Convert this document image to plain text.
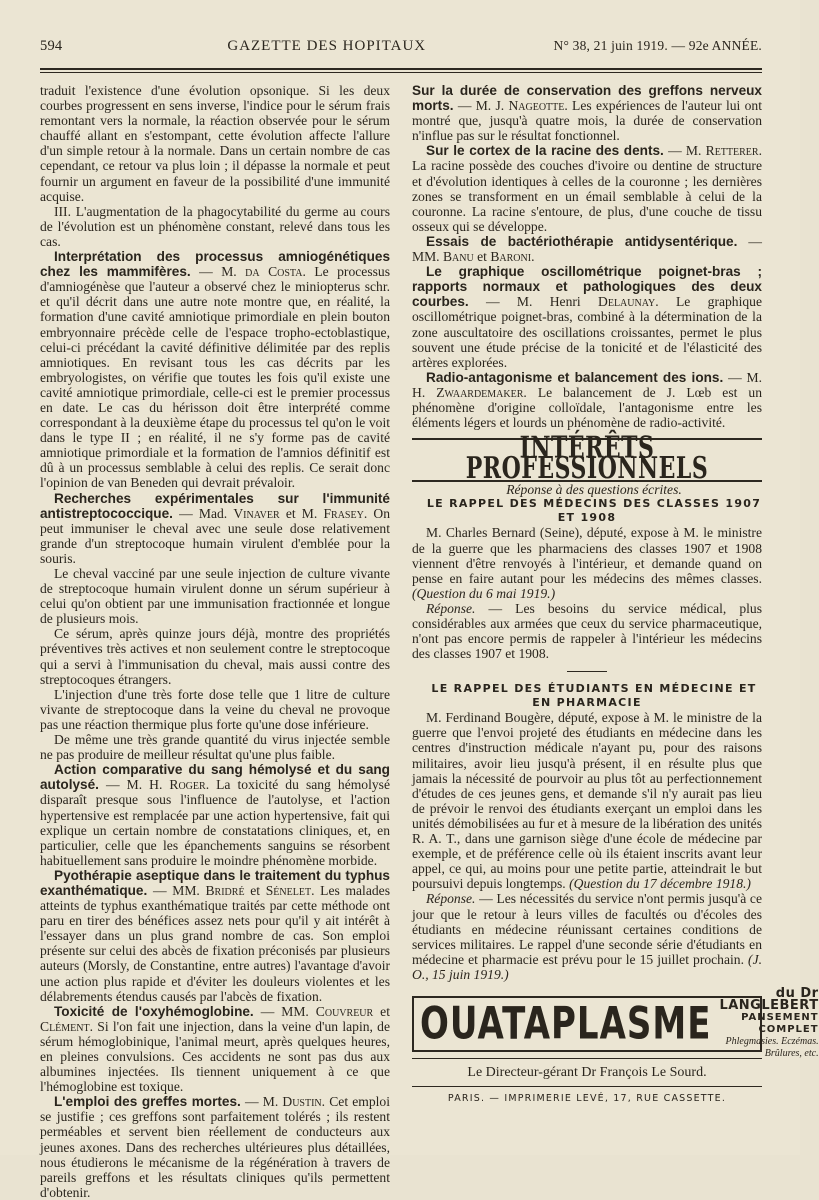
594	GAZETTE DES HOPITAUX	N° 38, 21 juin 1919. — 92e ANNÉE.

traduit l'existence d'une évolution opsonique. Si les deux courbes progressent en sens inverse, l'indice pour le sérum frais remontant vers la normale, la réaction observée pour le sérum chauffé allant en s'estompant, cette évolution affecte l'allure d'un simple retour à la normale. Dans un certain nombre de cas cependant, ce retour va plus loin ; il dépasse la normale et peut fournir un argument en faveur de la possibilité d'une immunité acquise.

III. L'augmentation de la phagocytabilité du germe au cours de l'évolution est un phénomène constant, relevé dans tous les cas.

Interprétation des processus amniogénétiques chez les mammifères. — M. da Costa. Le processus d'amniogénèse que l'auteur a observé chez le miniopterus schr. et qu'il décrit dans une autre note montre que, en réalité, la formation d'une cavité amniotique primordiale en plein bouton embryonnaire précède celle de l'espace tropho-ectoblastique, celui-ci précédant la cavité définitive délimitée par des replis amniotiques. En revisant tous les cas décrits par les embryologistes, on vérifie que toutes les fois qu'il existe une cavité amniotique primordiale, celle-ci est le premier processus en date. Le cas du hérisson doit être interprété comme correspondant à la deuxième étape du processus tel qu'on le voit dans le type II ; en réalité, il ne s'y forme pas de cavité amniotique primordiale et la formation de l'amnios définitif est dû à un processus semblable à celui des replis. Ce serait donc l'opinion de van Beneden qui devrait prévaloir.

Recherches expérimentales sur l'immunité antistreptococcique. — Mad. Vinaver et M. Frasey. On peut immuniser le cheval avec une seule dose relativement grande d'un streptocoque humain virulent d'emblée pour la souris.

Le cheval vacciné par une seule injection de culture vivante de streptocoque humain virulent donne un sérum supérieur à celui qu'on obtient par une immunisation fractionnée et longue de plusieurs mois.

Ce sérum, après quinze jours déjà, montre des propriétés préventives très actives et non seulement contre le streptocoque qui a servi à l'immunisation du cheval, mais aussi contre des streptocoques étrangers.

L'injection d'une très forte dose telle que 1 litre de culture vivante de streptocoque dans la veine du cheval ne provoque pas une réaction thermique plus forte qu'une dose inférieure.

De même une très grande quantité du virus injectée semble ne pas produire de meilleur résultat qu'une plus faible.

Action comparative du sang hémolysé et du sang autolysé. — M. H. Roger. La toxicité du sang hémolysé disparaît presque sous l'influence de l'autolyse, et l'action hypertensive est remplacée par une action hypertensive, fait qui explique un certain nombre de constatations cliniques, et, en particulier, celle que les épanchements sanguins se résorbent habituellement sans produire le moindre phénomène morbide.

Pyothérapie aseptique dans le traitement du typhus exanthématique. — MM. Bridré et Sénelet. Les malades atteints de typhus exanthématique traités par cette méthode ont paru en tirer des bénéfices assez nets pour qu'il y ait intérêt à l'essayer dans un plus grand nombre de cas. Son emploi présente sur celui des abcès de fixation préconisés par plusieurs auteurs (Morsly, de Constantine, entre autres) l'avantage d'avoir une action plus rapide et d'éviter les douleurs violentes et les délabrements étendus causés par l'abcès de fixation.

Toxicité de l'oxyhémoglobine. — MM. Couvreur et Clément. Si l'on fait une injection, dans la veine d'un lapin, de sérum hémoglobinique, l'animal meurt, après quelques heures, en pleines convulsions. Ces accidents ne sont pas dus aux albumines injectées. Ils tiennent uniquement à ce que l'hémoglobine est toxique.

L'emploi des greffes mortes. — M. Dustin. Cet emploi se justifie ; ces greffons sont parfaitement tolérés ; ils restent perméables et servent bien réellement de conducteurs aux jeunes axones. Dans des recherches ultérieures plus détaillées, nous étudierons le mécanisme de la régénération à travers de pareils greffons et les résultats cliniques qu'ils permettent d'obtenir.

Sur la durée de conservation des greffons nerveux morts. — M. J. Nageotte. Les expériences de l'auteur lui ont montré que, jusqu'à quatre mois, la durée de conservation n'influe pas sur le résultat fonctionnel.

Sur le cortex de la racine des dents. — M. Retterer. La racine possède des couches d'ivoire ou dentine de structure et d'évolution identiques à celles de la couronne ; les dernières zones se transforment en un émail semblable à celui de la couronne. La racine s'entoure, de plus, d'une couche de tissu osseux qui se développe.

Essais de bactériothérapie antidysentérique. — MM. Banu et Baroni.

Le graphique oscillométrique poignet-bras ; rapports normaux et pathologiques des deux courbes. — M. Henri Delaunay. Le graphique oscillométrique poignet-bras, combiné à la détermination de la zone auscultatoire des oscillations croissantes, permet le plus souvent une étude précise de la tonicité et de l'élasticité des artères explorées.

Radio-antagonisme et balancement des ions. — M. H. Zwaardemaker. Le balancement de J. Lœb est un phénomène d'origine colloïdale, l'antagonisme entre les éléments légers et lourds un phénomène de radio-activité.

INTÉRÊTS PROFESSIONNELS

Réponse à des questions écrites.

LE RAPPEL DES MÉDECINS DES CLASSES 1907 ET 1908

M. Charles Bernard (Seine), député, expose à M. le ministre de la guerre que les pharmaciens des classes 1907 et 1908 viennent d'être renvoyés à l'intérieur, et demande quand on pense en faire autant pour les médecins des mêmes classes. (Question du 6 mai 1919.)

Réponse. — Les besoins du service médical, plus considérables aux armées que ceux du service pharmaceutique, n'ont pas encore permis de rappeler à l'intérieur les médecins des classes 1907 et 1908.

LE RAPPEL DES ÉTUDIANTS EN MÉDECINE ET EN PHARMACIE

M. Ferdinand Bougère, député, expose à M. le ministre de la guerre que l'envoi projeté des étudiants en médecine dans les centres d'instruction médicale n'ayant pu, pour des raisons militaires, avoir lieu jusqu'à présent, il en résulte plus que jamais la nécessité de pourvoir au plus tôt au perfectionnement d'études de ces jeunes gens, et demande s'il n'y aurait pas lieu de prévoir le renvoi des étudiants exerçant un emploi dans les unités démobilisées au fur et à mesure de la libération des unités R. A. T., dans une garnison siège d'une école de médecine par exemple, et de préférence celle où ils étaient inscrits avant leur appel, ce qui, au moins pour une petite partie, atteindrait le but poursuivi depuis longtemps. (Question du 17 décembre 1918.)

Réponse. — Les nécessités du service n'ont permis jusqu'à ce jour que le retour à leurs villes de facultés ou d'écoles des étudiants en médecine réunissant certaines conditions de services militaires. Le rappel d'une seconde série d'étudiants en médecine et pharmacie est prévu pour le 15 juillet prochain. (J. O., 15 juin 1919.)

OUATAPLASME
du Dr LANGLEBERT
PANSEMENT COMPLET
Phlegmasies. Eczémas. Brûlures, etc.
Le Directeur-gérant Dr François Le Sourd.
PARIS. — IMPRIMERIE LEVÉ, 17, RUE CASSETTE.
